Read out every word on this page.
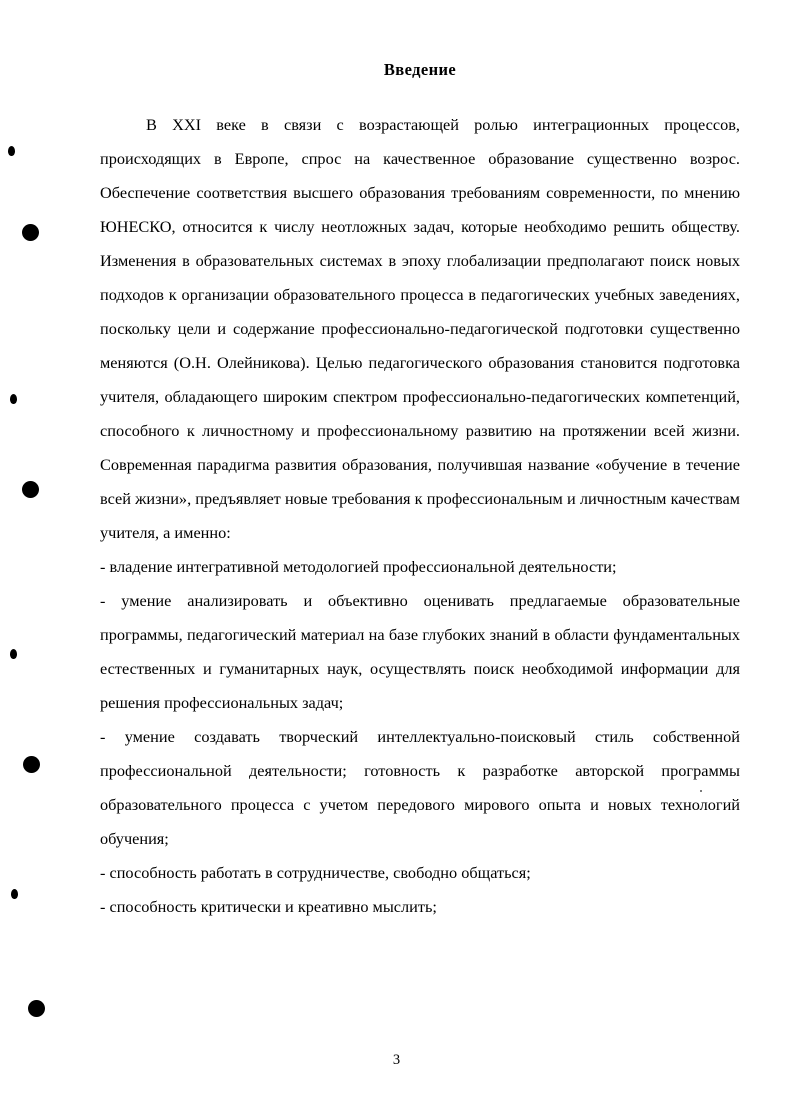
Введение

В XXI веке в связи с возрастающей ролью интеграционных процессов, происходящих в Европе, спрос на качественное образование существенно возрос. Обеспечение соответствия высшего образования требованиям современности, по мнению ЮНЕСКО, относится к числу неотложных задач, которые необходимо решить обществу. Изменения в образовательных системах в эпоху глобализации предполагают поиск новых подходов к организации образовательного процесса в педагогических учебных заведениях, поскольку цели и содержание профессионально-педагогической подготовки существенно меняются (О.Н. Олейникова). Целью педагогического образования становится подготовка учителя, обладающего широким спектром профессионально-педагогических компетенций, способного к личностному и профессиональному развитию на протяжении всей жизни. Современная парадигма развития образования, получившая название «обучение в течение всей жизни», предъявляет новые требования к профессиональным и личностным качествам учителя, а именно:

- владение интегративной методологией профессиональной деятельности;

- умение анализировать и объективно оценивать предлагаемые образовательные программы, педагогический материал на базе глубоких знаний в области фундаментальных естественных и гуманитарных наук, осуществлять поиск необходимой информации для решения профессиональных задач;

- умение создавать творческий интеллектуально-поисковый стиль собственной профессиональной деятельности; готовность к разработке авторской программы образовательного процесса с учетом передового мирового опыта и новых технологий обучения;

- способность работать в сотрудничестве, свободно общаться;

- способность критически и креативно мыслить;

3
